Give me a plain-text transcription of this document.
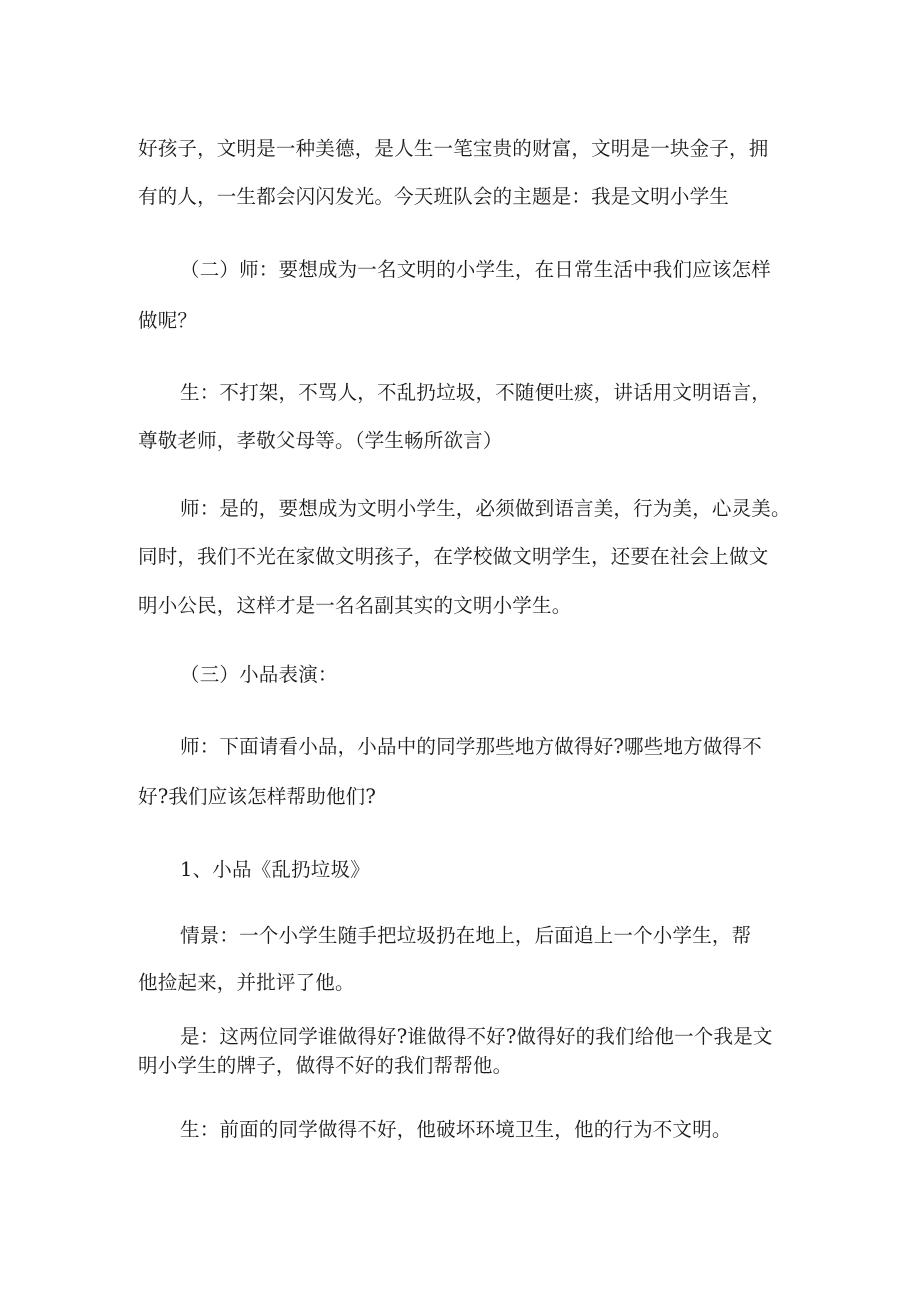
好孩子，文明是一种美德，是人生一笔宝贵的财富，文明是一块金子，拥
有的人，一生都会闪闪发光。今天班队会的主题是：我是文明小学生
（二）师：要想成为一名文明的小学生，在日常生活中我们应该怎样
做呢？
生：不打架，不骂人，不乱扔垃圾，不随便吐痰，讲话用文明语言，
尊敬老师，孝敬父母等。（学生畅所欲言）
师：是的，要想成为文明小学生，必须做到语言美，行为美，心灵美。
同时，我们不光在家做文明孩子，在学校做文明学生，还要在社会上做文
明小公民，这样才是一名名副其实的文明小学生。
（三）小品表演：
师：下面请看小品，小品中的同学那些地方做得好?哪些地方做得不
好?我们应该怎样帮助他们?
1、小品《乱扔垃圾》
情景：一个小学生随手把垃圾扔在地上，后面追上一个小学生，帮
他捡起来，并批评了他。
是：这两位同学谁做得好?谁做得不好?做得好的我们给他一个我是文
明小学生的牌子，做得不好的我们帮帮他。
生：前面的同学做得不好，他破坏环境卫生，他的行为不文明。
